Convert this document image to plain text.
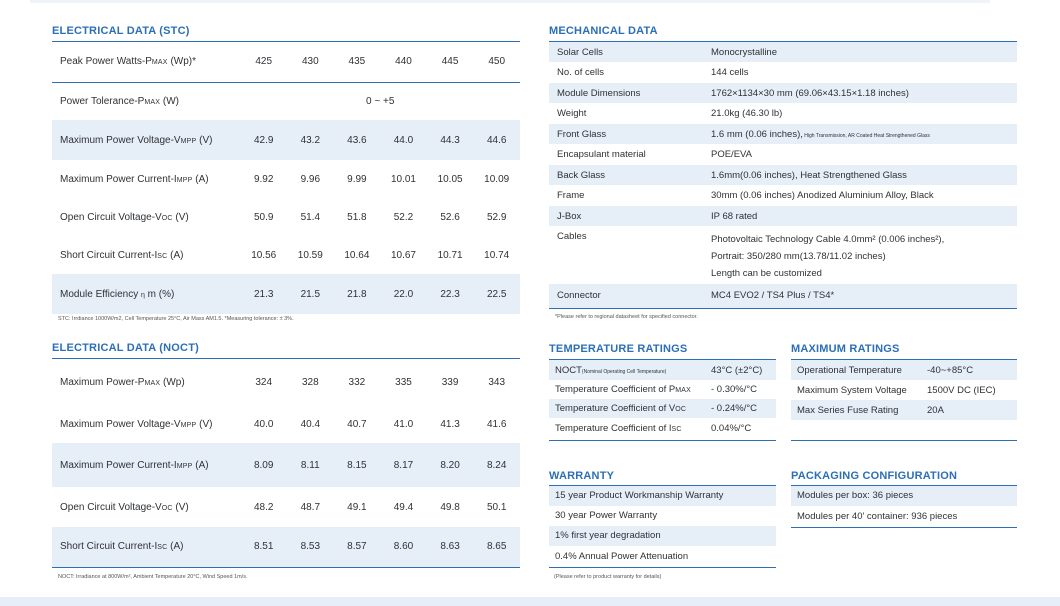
ELECTRICAL DATA (STC)
Peak Power Watts-PMAX (Wp)*	425	430	435	440	445	450
Power Tolerance-PMAX (W)	0 ~ +5					
Maximum Power Voltage-VMPP (V)	42.9	43.2	43.6	44.0	44.3	44.6
Maximum Power Current-IMPP (A)	9.92	9.96	9.99	10.01	10.05	10.09
Open Circuit Voltage-VOC (V)	50.9	51.4	51.8	52.2	52.6	52.9
Short Circuit Current-ISC (A)	10.56	10.59	10.64	10.67	10.71	10.74
Module Efficiency η m (%)	21.3	21.5	21.8	22.0	22.3	22.5
STC: Irrdiance 1000W/m2, Cell Temperature 25°C, Air Mass AM1.5. *Measuring tolerance: ± 3%.
ELECTRICAL DATA (NOCT)
Maximum Power-PMAX (Wp)	324	328	332	335	339	343
Maximum Power Voltage-VMPP (V)	40.0	40.4	40.7	41.0	41.3	41.6
Maximum Power Current-IMPP (A)	8.09	8.11	8.15	8.17	8.20	8.24
Open Circuit Voltage-VOC (V)	48.2	48.7	49.1	49.4	49.8	50.1
Short Circuit Current-ISC (A)	8.51	8.53	8.57	8.60	8.63	8.65
NOCT: Irradiance at 800W/m², Ambient Temperature 20°C, Wind Speed 1m/s.
MECHANICAL DATA
Solar Cells	Monocrystalline
No. of cells	144 cells
Module Dimensions	1762×1134×30 mm (69.06×43.15×1.18 inches)
Weight	21.0kg (46.30 lb)
Front Glass	1.6 mm (0.06 inches), High Transmission, AR Coated Heat Strengthened Glass
Encapsulant material	POE/EVA
Back Glass	1.6mm(0.06 inches), Heat Strengthened Glass
Frame	30mm (0.06 inches) Anodized Aluminium Alloy, Black
J-Box	IP 68 rated
Cables	Photovoltaic Technology Cable 4.0mm² (0.006 inches²),
Portrait: 350/280 mm(13.78/11.02 inches)
Length can be customized

Connector	MC4 EVO2 / TS4 Plus / TS4*
*Please refer to regional datasheet for specified connector.
TEMPERATURE RATINGS
NOCT(Nominal Operating Cell Temperature)	43°C (±2°C)
Temperature Coefficient of PMAX	- 0.30%/°C
Temperature Coefficient of VOC	- 0.24%/°C
Temperature Coefficient of ISC	0.04%/°C
MAXIMUM RATINGS
Operational Temperature	-40~+85°C
Maximum System Voltage	1500V DC (IEC)
Max Series Fuse Rating	20A

WARRANTY
15 year Product Workmanship Warranty
30 year Power Warranty
1% first year degradation
0.4% Annual Power Attenuation
(Please refer to product warranty for details)
PACKAGING CONFIGURATION
Modules per box: 36 pieces
Modules per 40' container: 936 pieces
